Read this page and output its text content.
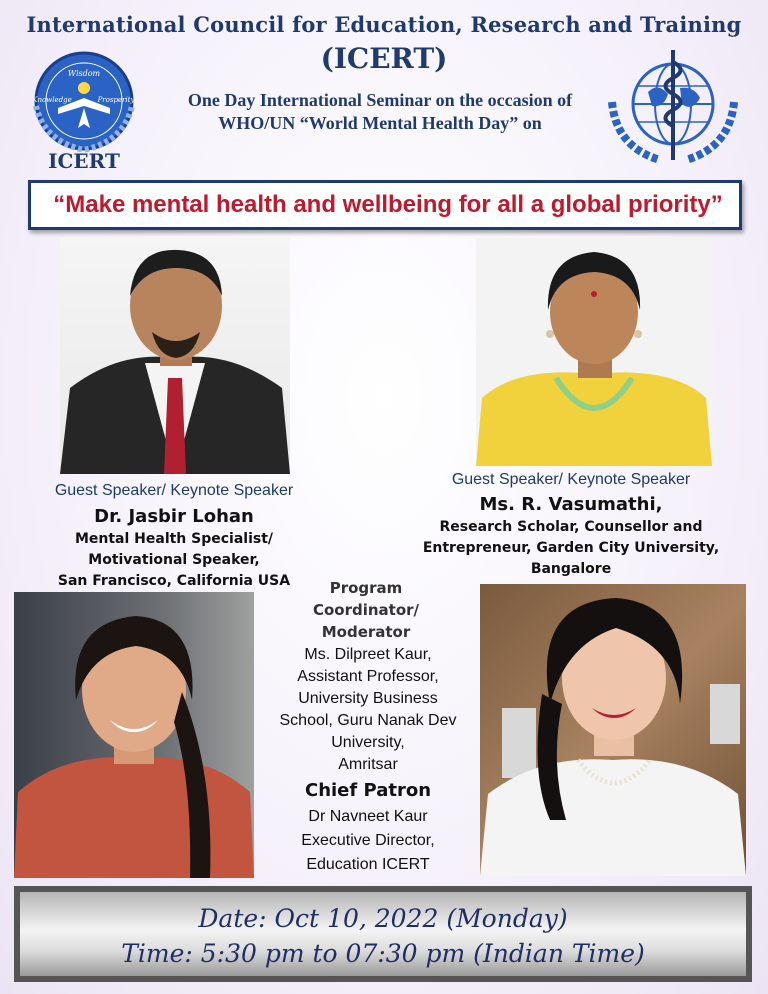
International Council for Education, Research and Training
(ICERT)
One Day International Seminar on the occasion of
WHO/UN “World Mental Health Day” on
Wisdom
Knowledge	Prosperity
ICERT
“Make mental health and wellbeing for all a global priority”
Guest Speaker/ Keynote Speaker
Dr. Jasbir Lohan
Mental Health Specialist/
Motivational Speaker,
San Francisco, California USA
Guest Speaker/ Keynote Speaker
Ms. R. Vasumathi,
Research Scholar, Counsellor and
Entrepreneur, Garden City University,
Bangalore
Program
Coordinator/
Moderator
Ms. Dilpreet Kaur,
Assistant Professor,
University Business
School, Guru Nanak Dev
University,
Amritsar
Chief Patron
Dr Navneet Kaur
Executive Director,
Education ICERT
Date: Oct 10, 2022 (Monday)
Time: 5:30 pm to 07:30 pm (Indian Time)
